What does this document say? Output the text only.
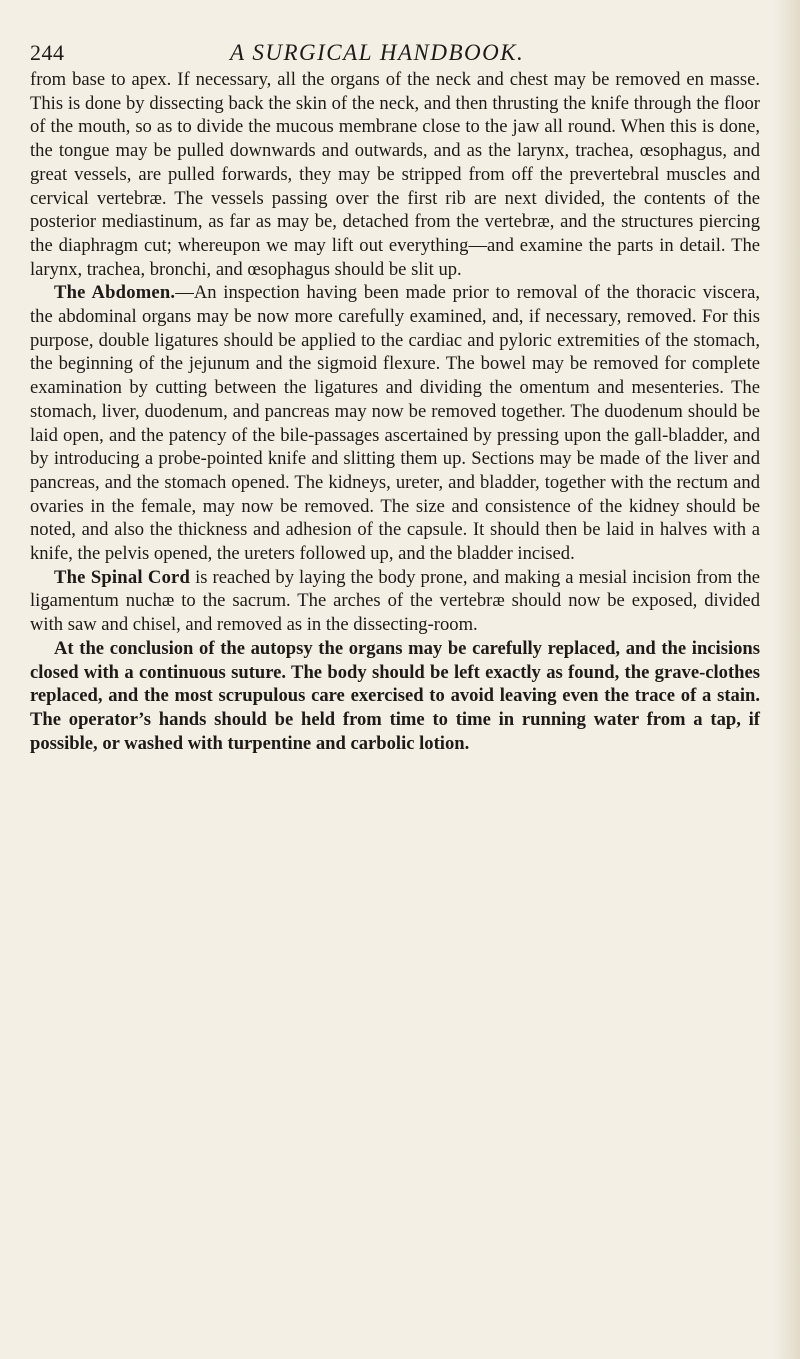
244	A SURGICAL HANDBOOK.

from base to apex. If necessary, all the organs of the neck and chest may be removed en masse. This is done by dissecting back the skin of the neck, and then thrusting the knife through the floor of the mouth, so as to divide the mucous membrane close to the jaw all round. When this is done, the tongue may be pulled downwards and outwards, and as the larynx, trachea, œsophagus, and great vessels, are pulled forwards, they may be stripped from off the prevertebral muscles and cervical vertebræ. The vessels passing over the first rib are next divided, the contents of the posterior mediastinum, as far as may be, detached from the vertebræ, and the structures piercing the diaphragm cut; whereupon we may lift out everything—and examine the parts in detail. The larynx, trachea, bronchi, and œsophagus should be slit up.

The Abdomen.—An inspection having been made prior to removal of the thoracic viscera, the abdominal organs may be now more carefully examined, and, if necessary, removed. For this purpose, double ligatures should be applied to the cardiac and pyloric extremities of the stomach, the beginning of the jejunum and the sigmoid flexure. The bowel may be removed for complete examination by cutting between the ligatures and dividing the omentum and mesenteries. The stomach, liver, duodenum, and pancreas may now be removed together. The duodenum should be laid open, and the patency of the bile-passages ascertained by pressing upon the gall-bladder, and by introducing a probe-pointed knife and slitting them up. Sections may be made of the liver and pancreas, and the stomach opened. The kidneys, ureter, and bladder, together with the rectum and ovaries in the female, may now be removed. The size and consistence of the kidney should be noted, and also the thickness and adhesion of the capsule. It should then be laid in halves with a knife, the pelvis opened, the ureters followed up, and the bladder incised.

The Spinal Cord is reached by laying the body prone, and making a mesial incision from the ligamentum nuchæ to the sacrum. The arches of the vertebræ should now be exposed, divided with saw and chisel, and removed as in the dissecting-room.

At the conclusion of the autopsy the organs may be carefully replaced, and the incisions closed with a continuous suture. The body should be left exactly as found, the grave-clothes replaced, and the most scrupulous care exercised to avoid leaving even the trace of a stain. The operator’s hands should be held from time to time in running water from a tap, if possible, or washed with turpentine and carbolic lotion.
